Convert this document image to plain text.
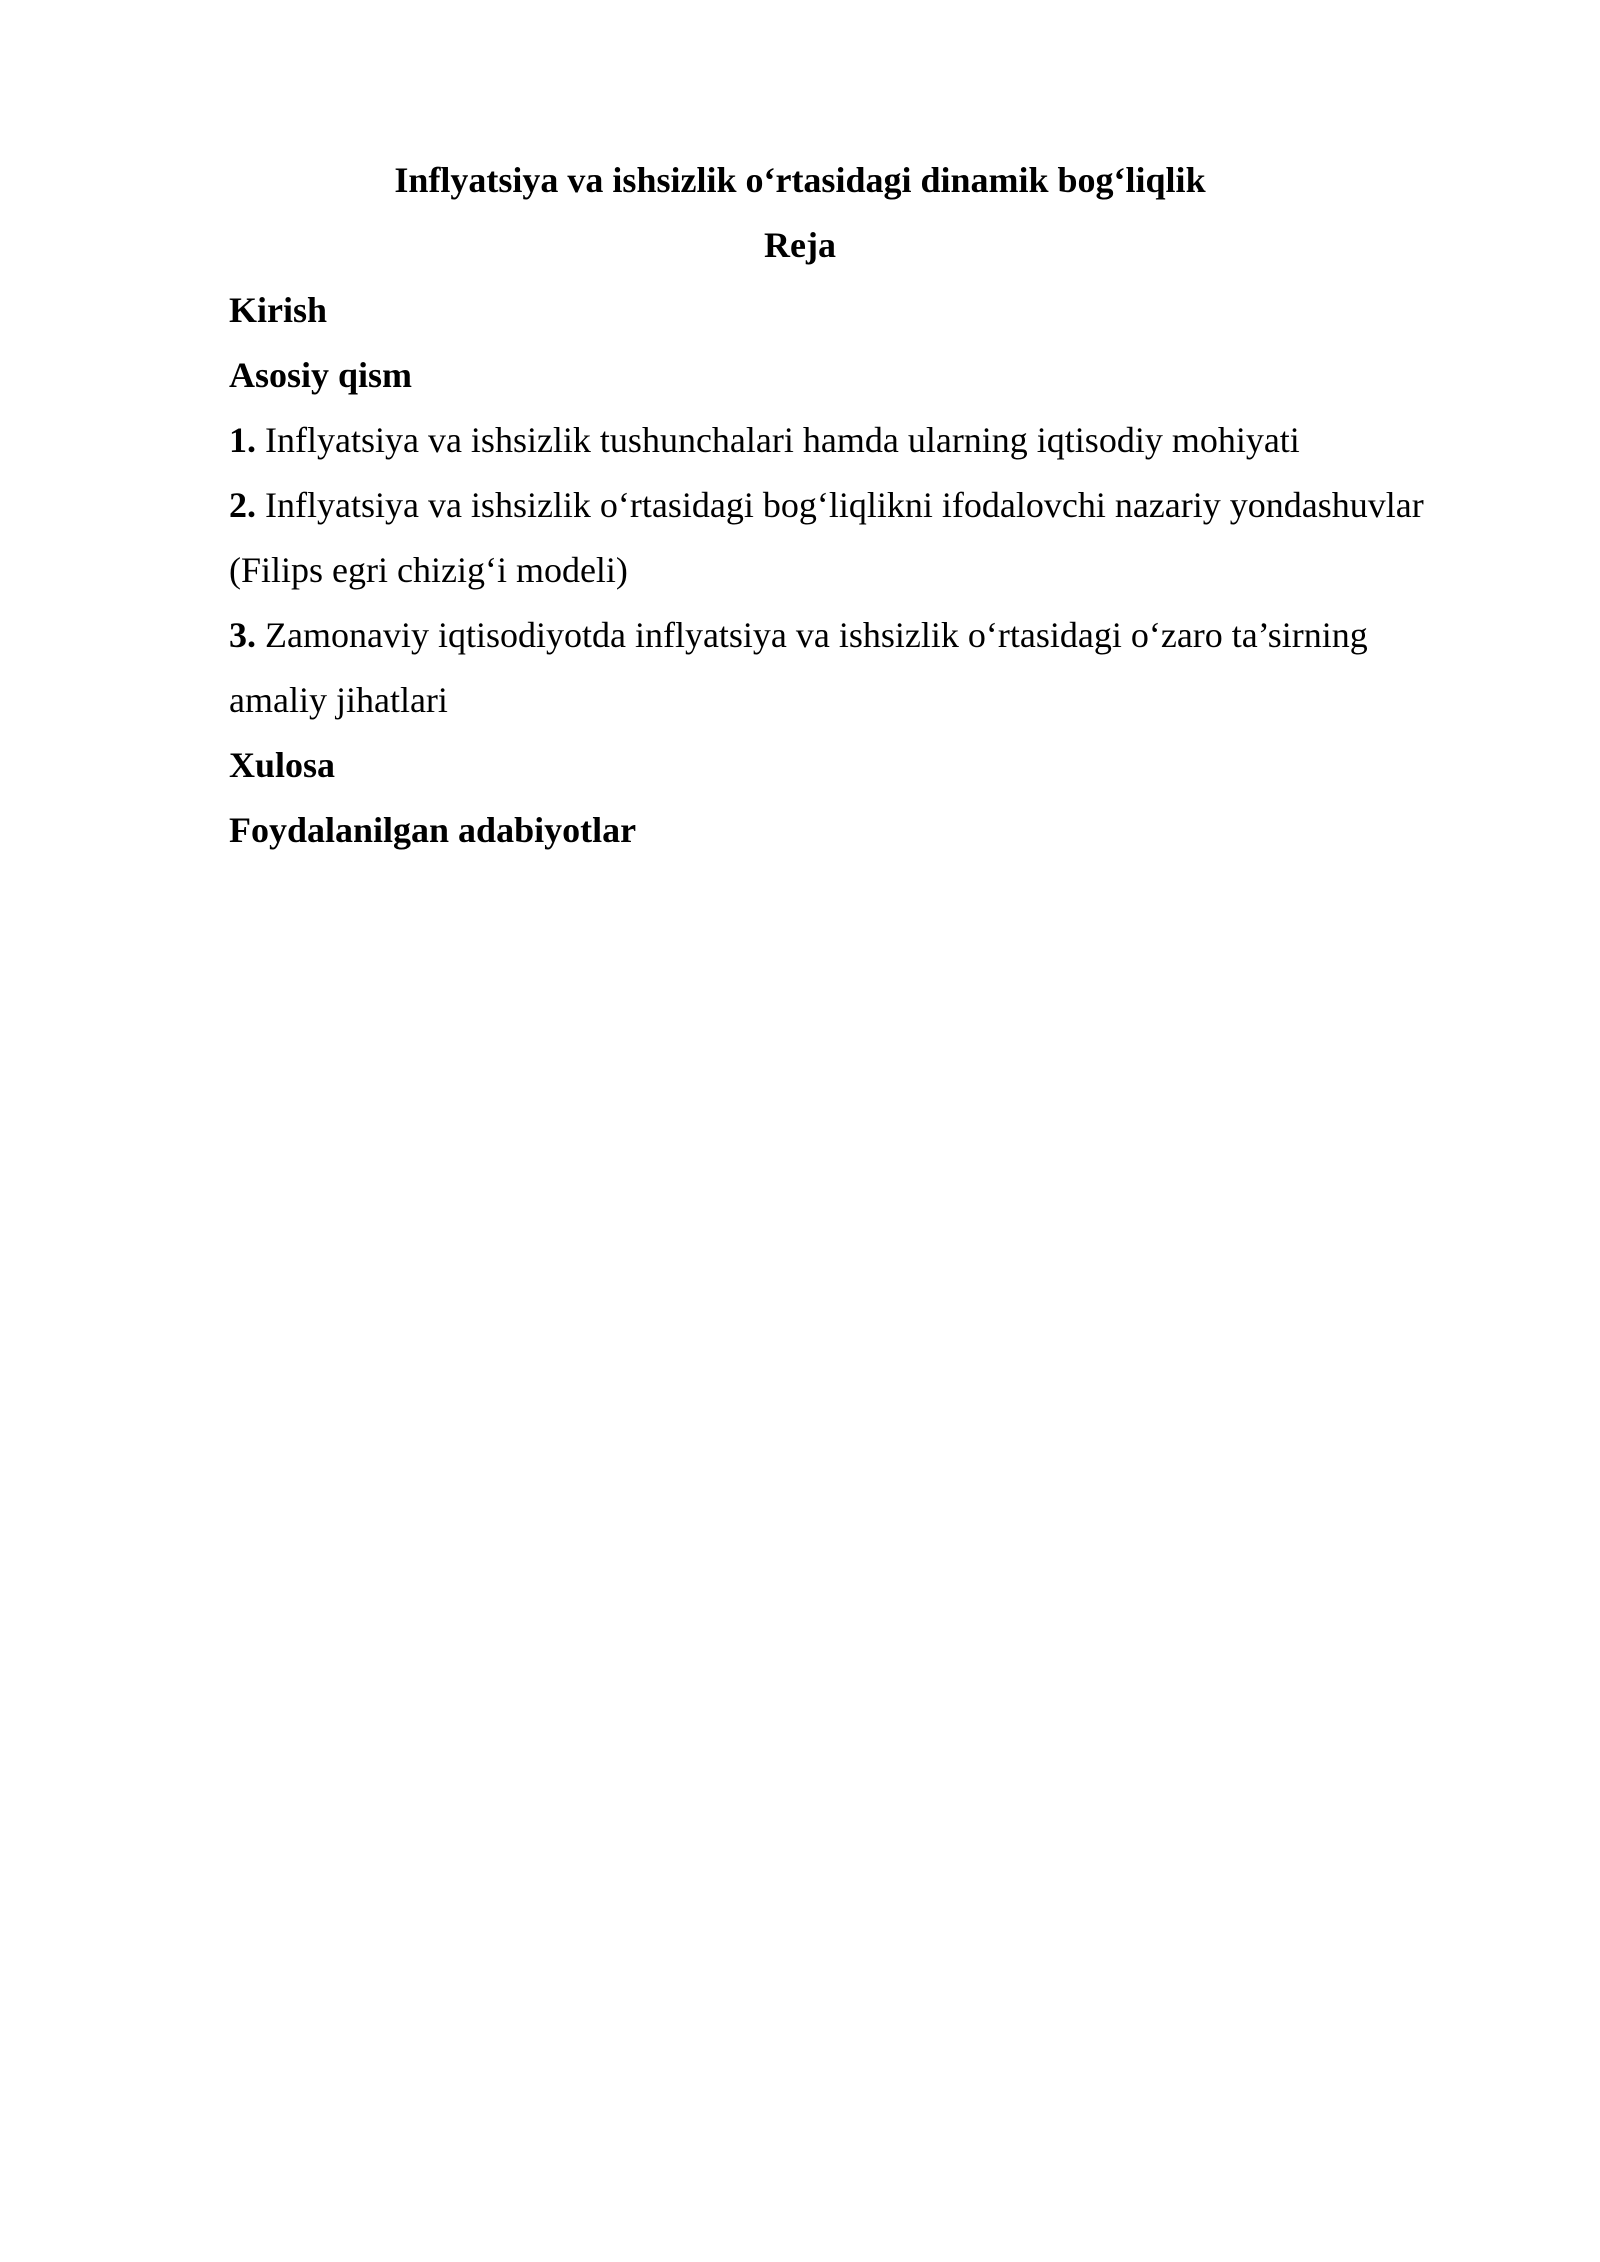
Inflyatsiya va ishsizlik o‘rtasidagi dinamik bog‘liqlik
Reja
Kirish
Asosiy qism
1. Inflyatsiya va ishsizlik tushunchalari hamda ularning iqtisodiy mohiyati
2. Inflyatsiya va ishsizlik o‘rtasidagi bog‘liqlikni ifodalovchi nazariy yondashuvlar
(Filips egri chizig‘i modeli)
3. Zamonaviy iqtisodiyotda inflyatsiya va ishsizlik o‘rtasidagi o‘zaro ta’sirning
amaliy jihatlari
Xulosa
Foydalanilgan adabiyotlar
